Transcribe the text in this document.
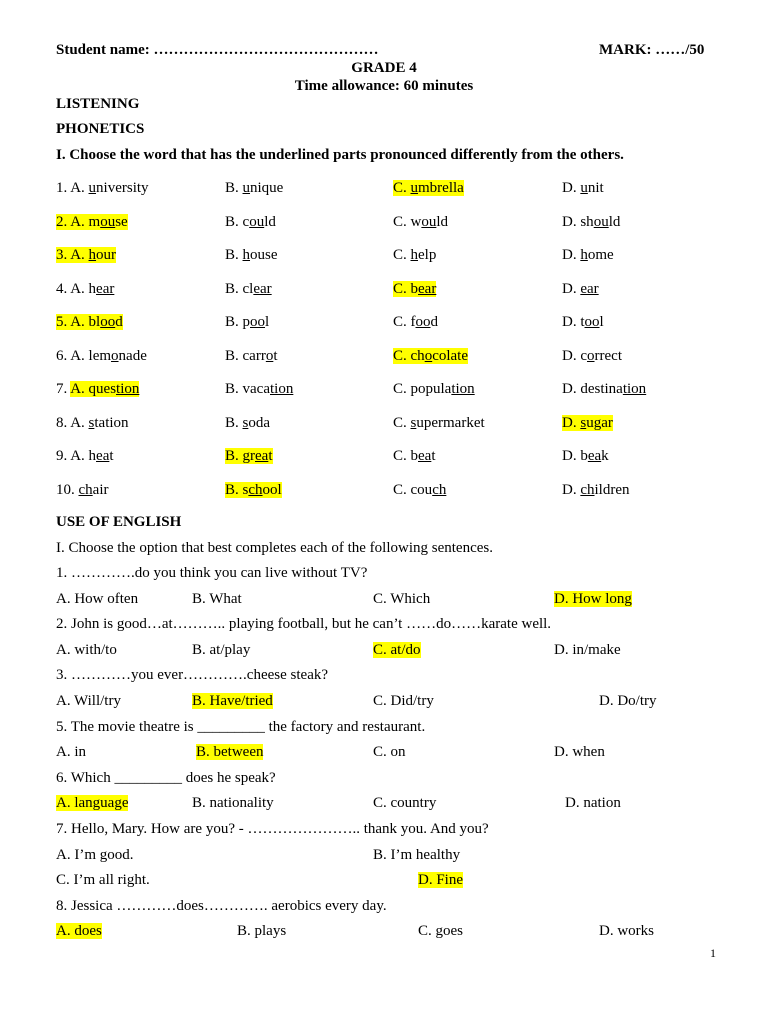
Student name: ………………………………………	MARK: ……/50
GRADE 4
Time allowance: 60 minutes
LISTENING
PHONETICS
I. Choose the word that has the underlined parts pronounced differently from the others.
1. A. university	B. unique	C. umbrella	D. unit
2. A. mouse	B. could	C. would	D. should
3. A. hour	B. house	C. help	D. home
4. A. hear	B. clear	C. bear	D. ear
5. A. blood	B. pool	C. food	D. tool
6. A. lemonade	B. carrot	C. chocolate	D. correct
7. A. question	B. vacation	C. population	D. destination
8. A. station	B. soda	C. supermarket	D. sugar
9. A. heat	B. great	C. beat	D. beak
10. chair	B. school	C. couch	D. children
USE OF ENGLISH
I. Choose the option that best completes each of the following sentences.
1. ………….do you think you can live without TV?
A. How often	B. What	C. Which	D. How long
2. John is good…at……….. playing football, but he can’t ……do……karate well.
A. with/to	B. at/play	C. at/do	D. in/make
3. …………you ever………….cheese steak?
A. Will/try	B. Have/tried	C. Did/try	D. Do/try
5. The movie theatre is _________ the factory and restaurant.
A. in	B. between	C. on	D. when
6. Which _________ does he speak?
A. language	B. nationality	C. country	D. nation
7. Hello, Mary. How are you? - ………………….. thank you. And you?
A. I’m good.	B. I’m healthy
C. I’m all right.	D. Fine
8. Jessica …………does…………. aerobics every day.
A. does	B. plays	C. goes	D. works
1
